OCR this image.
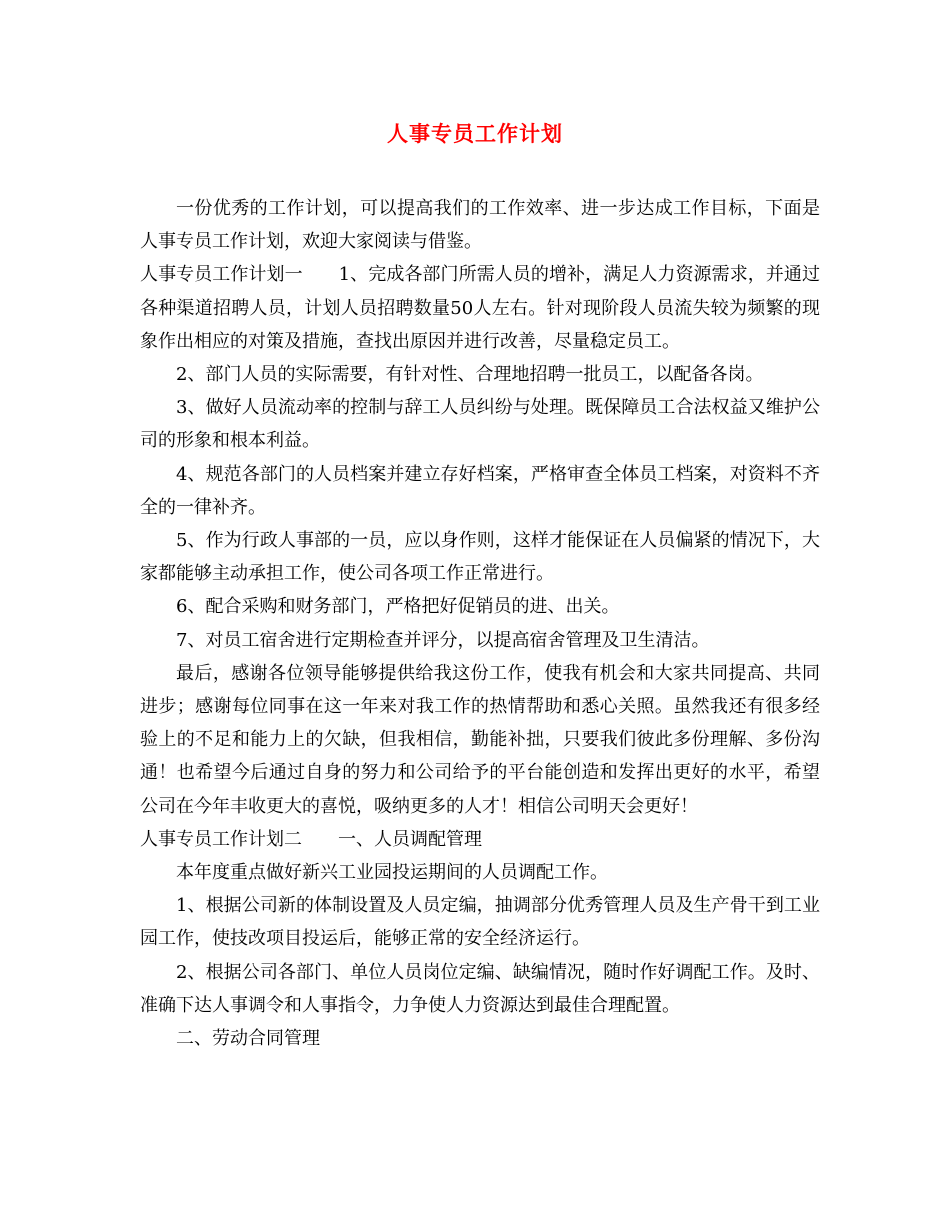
人事专员工作计划

一份优秀的工作计划，可以提高我们的工作效率、进一步达成工作目标，下面是人事专员工作计划，欢迎大家阅读与借鉴。

人事专员工作计划一 1、完成各部门所需人员的增补，满足人力资源需求，并通过各种渠道招聘人员，计划人员招聘数量50人左右。针对现阶段人员流失较为频繁的现象作出相应的对策及措施，查找出原因并进行改善，尽量稳定员工。

2、部门人员的实际需要，有针对性、合理地招聘一批员工，以配备各岗。

3、做好人员流动率的控制与辞工人员纠纷与处理。既保障员工合法权益又维护公司的形象和根本利益。

4、规范各部门的人员档案并建立存好档案，严格审查全体员工档案，对资料不齐全的一律补齐。

5、作为行政人事部的一员，应以身作则，这样才能保证在人员偏紧的情况下，大家都能够主动承担工作，使公司各项工作正常进行。

6、配合采购和财务部门，严格把好促销员的进、出关。

7、对员工宿舍进行定期检查并评分，以提高宿舍管理及卫生清洁。

最后，感谢各位领导能够提供给我这份工作，使我有机会和大家共同提高、共同进步；感谢每位同事在这一年来对我工作的热情帮助和悉心关照。虽然我还有很多经验上的不足和能力上的欠缺，但我相信，勤能补拙，只要我们彼此多份理解、多份沟通！也希望今后通过自身的努力和公司给予的平台能创造和发挥出更好的水平，希望公司在今年丰收更大的喜悦，吸纳更多的人才！相信公司明天会更好！

人事专员工作计划二 一、人员调配管理

本年度重点做好新兴工业园投运期间的人员调配工作。

1、根据公司新的体制设置及人员定编，抽调部分优秀管理人员及生产骨干到工业园工作，使技改项目投运后，能够正常的安全经济运行。

2、根据公司各部门、单位人员岗位定编、缺编情况，随时作好调配工作。及时、准确下达人事调令和人事指令，力争使人力资源达到最佳合理配置。

二、劳动合同管理
